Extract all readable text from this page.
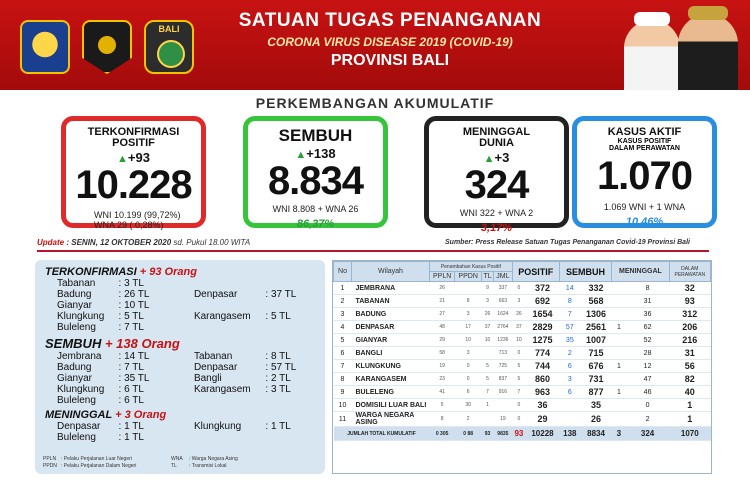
BALI	SATUAN TUGAS PENANGANAN
CORONA VIRUS DISEASE 2019 (COVID-19)
PROVINSI BALI
PERKEMBANGAN AKUMULATIF
TERKONFIRMASI
POSITIF
▲+93
10.228
WNI 10.199 (99,72%)
WNA 29 ( 0,28%)
SEMBUH
▲+138
8.834
WNI 8.808 + WNA 26
86,37%
MENINGGAL
DUNIA
▲+3
324
WNI 322 + WNA 2
3,17%
KASUS AKTIF
KASUS POSITIF
DALAM PERAWATAN
1.070
1.069 WNI + 1 WNA
10,46%
Update : SENIN, 12 OKTOBER 2020 sd. Pukul 18.00 WITA	Sumber: Press Release Satuan Tugas Penanganan Covid-19 Provinsi Bali
TERKONFIRMASI + 93 Orang
Tabanan	: 3 TL
Badung	: 26 TL	Denpasar	: 37 TL
Gianyar	: 10 TL
Klungkung	: 5 TL	Karangasem	: 5 TL
Buleleng	: 7 TL
SEMBUH + 138 Orang
Jembrana	: 14 TL	Tabanan	: 8 TL
Badung	: 7 TL	Denpasar	: 57 TL
Gianyar	: 35 TL	Bangli	: 2 TL
Klungkung	: 6 TL	Karangasem	: 3 TL
Buleleng	: 6 TL
MENINGGAL + 3 Orang
Denpasar	: 1 TL	Klungkung	: 1 TL
Buleleng	: 1 TL
PPLN : Pelaku Perjalanan Luar Negeri	WNA : Warga Negara Asing
PPDN : Pelaku Perjalanan Dalam Negeri	TL : Transmisi Lokal
No	Wilayah	Penambahan Kasus Positif				POSITIF		SEMBUH		MENINGGAL		DALAM
PERAWATAN
		PPLN	PPDN	TL	JML							
1	JEMBRANA	26		9	337	0	372	14	332		8	32
2	TABANAN	21	8	3	663	3	692	8	568		31	93
3	BADUNG	27	3	26	1624	26	1654	7	1306		36	312
4	DENPASAR	48	17	37	2764	37	2829	57	2561	1	62	206
5	GIANYAR	29	10	10	1236	10	1275	35	1007		52	216
6	BANGLI	58	3		713	0	774	2	715		28	31
7	KLUNGKUNG	19	0	5	725	5	744	6	676	1	12	56
8	KARANGASEM	23	0	5	837	5	860	3	731		47	82
9	BULELENG	41	6	7	916	7	963	6	877	1	46	40
10	DOMISILI LUAR BALI	5	30	1		0	36		35		0	1
11	WARGA NEGARA ASING	8	2		19	0	29		26		2	1
JUMLAH TOTAL KUMULATIF		0 305	0 88	93	9835	93	10228	138	8834	3	324	1070
